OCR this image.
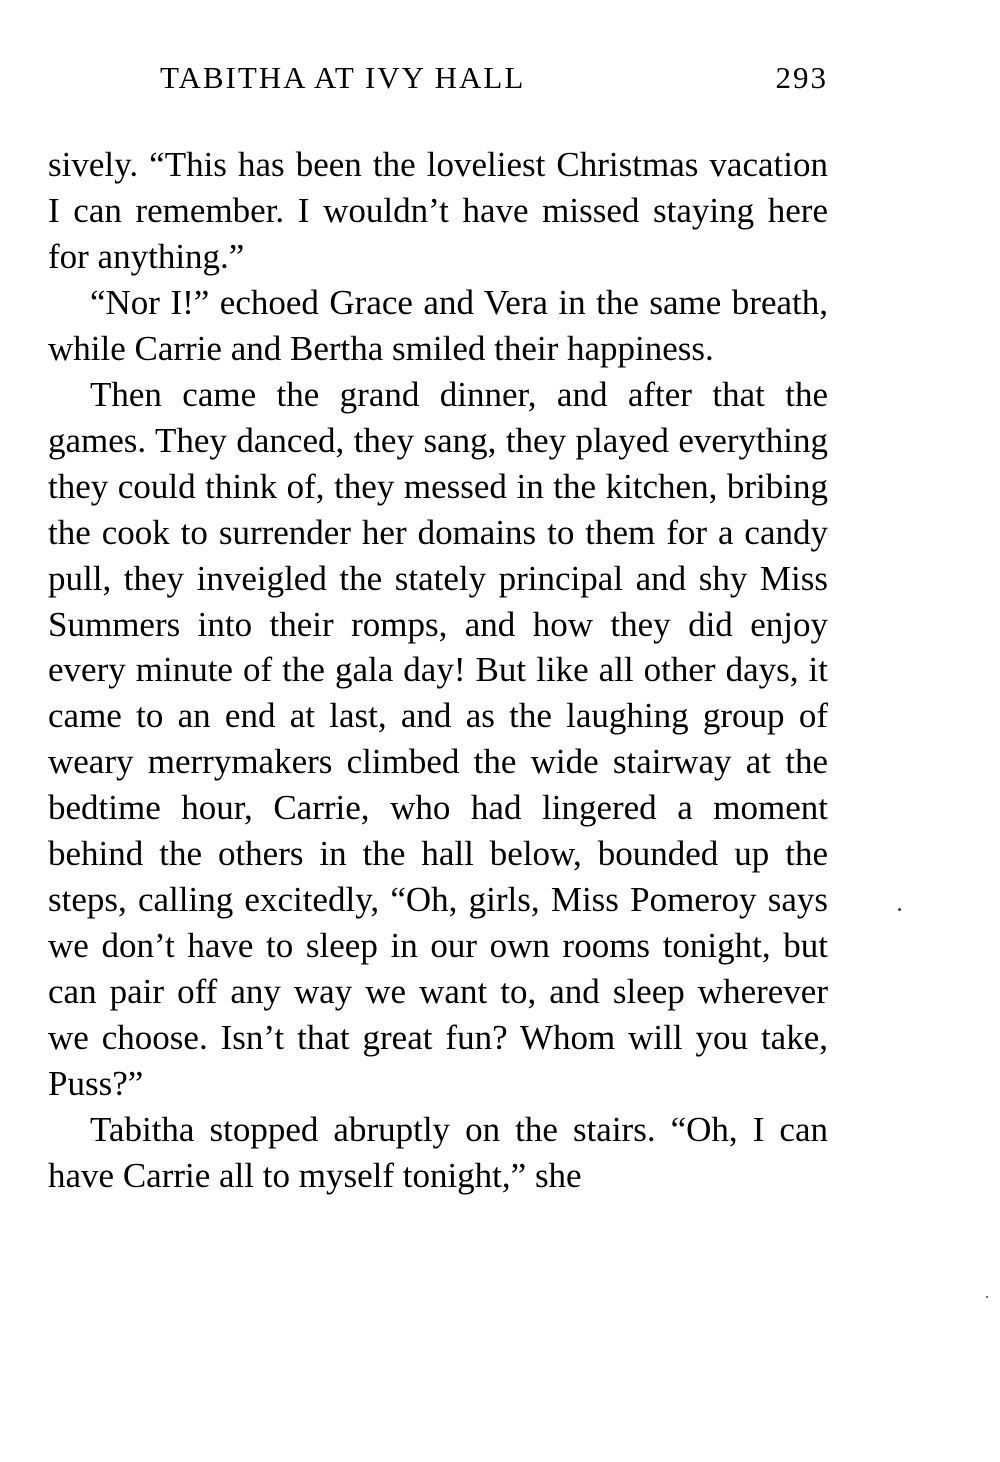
TABITHA AT IVY HALL	293

sively. “This has been the loveliest Christmas vacation I can remember. I wouldn’t have missed staying here for anything.”

“Nor I!” echoed Grace and Vera in the same breath, while Carrie and Bertha smiled their happiness.

Then came the grand dinner, and after that the games. They danced, they sang, they played everything they could think of, they messed in the kitchen, bribing the cook to surrender her domains to them for a candy pull, they inveigled the stately principal and shy Miss Summers into their romps, and how they did enjoy every minute of the gala day! But like all other days, it came to an end at last, and as the laughing group of weary merrymakers climbed the wide stairway at the bedtime hour, Carrie, who had lingered a moment behind the others in the hall below, bounded up the steps, calling excitedly, “Oh, girls, Miss Pomeroy says we don’t have to sleep in our own rooms tonight, but can pair off any way we want to, and sleep wherever we choose. Isn’t that great fun? Whom will you take, Puss?”

Tabitha stopped abruptly on the stairs. “Oh, I can have Carrie all to myself tonight,” she
